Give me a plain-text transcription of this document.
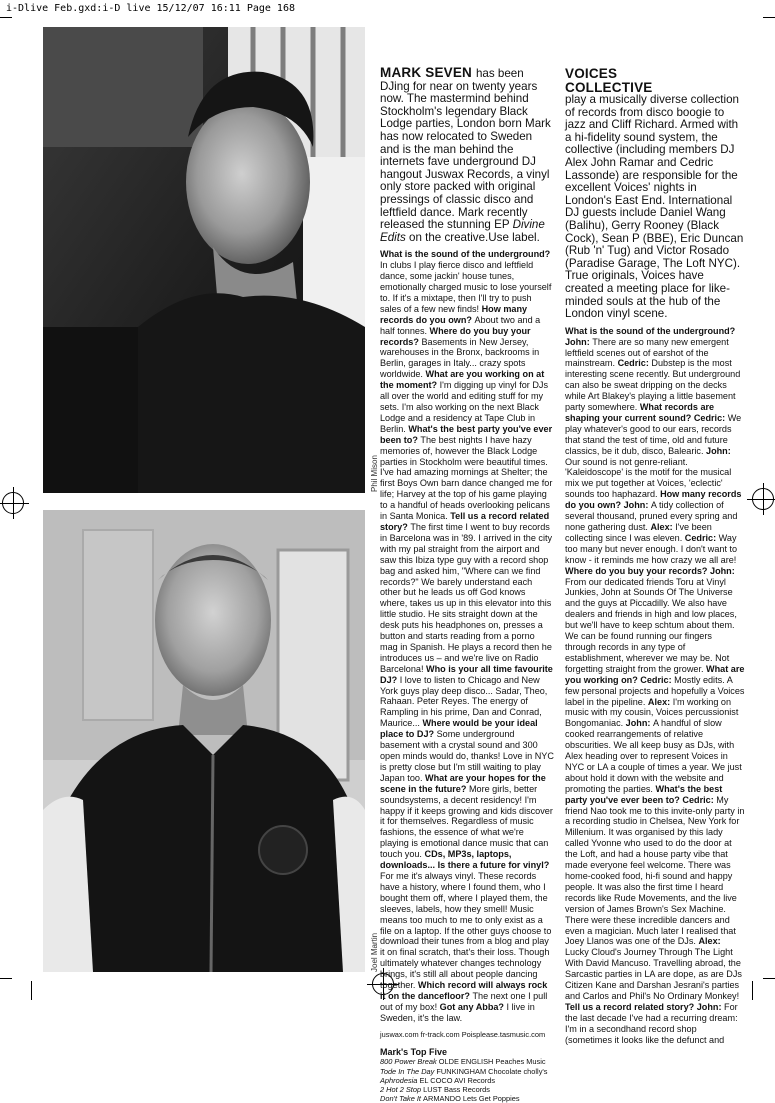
i-Dlive Feb.gxd:i-D live 15/12/07 16:11 Page 168
Phil Mison
Joel Martin
MARK SEVEN has been DJing for near on twenty years now. The mastermind behind Stockholm's legendary Black Lodge parties, London born Mark has now relocated to Sweden and is the man behind the internets fave underground DJ hangout Juswax Records, a vinyl only store packed with original pressings of classic disco and leftfield dance. Mark recently released the stunning EP Divine Edits on the creative.Use label.
What is the sound of the underground? In clubs I play fierce disco and leftfield dance, some jackin' house tunes, emotionally charged music to lose yourself to. If it's a mixtape, then I'll try to push sales of a few new finds! How many records do you own? About two and a half tonnes. Where do you buy your records? Basements in New Jersey, warehouses in the Bronx, backrooms in Berlin, garages in Italy... crazy spots worldwide. What are you working on at the moment? I'm digging up vinyl for DJs all over the world and editing stuff for my sets. I'm also working on the next Black Lodge and a residency at Tape Club in Berlin. What's the best party you've ever been to? The best nights I have hazy memories of, however the Black Lodge parties in Stockholm were beautiful times. I've had amazing mornings at Shelter; the first Boys Own barn dance changed me for life; Harvey at the top of his game playing to a handful of heads overlooking pelicans in Santa Monica. Tell us a record related story? The first time I went to buy records in Barcelona was in '89. I arrived in the city with my pal straight from the airport and saw this Ibiza type guy with a record shop bag and asked him, "Where can we find records?" We barely understand each other but he leads us off God knows where, takes us up in this elevator into this little studio. He sits straight down at the desk puts his headphones on, presses a button and starts reading from a porno mag in Spanish. He plays a record then he introduces us – and we're live on Radio Barcelona! Who is your all time favourite DJ? I love to listen to Chicago and New York guys play deep disco... Sadar, Theo, Rahaan. Peter Reyes. The energy of Rampling in his prime, Dan and Conrad, Maurice... Where would be your ideal place to DJ? Some underground basement with a crystal sound and 300 open minds would do, thanks! Love in NYC is pretty close but I'm still waiting to play Japan too. What are your hopes for the scene in the future? More girls, better soundsystems, a decent residency! I'm happy if it keeps growing and kids discover it for themselves. Regardless of music fashions, the essence of what we're playing is emotional dance music that can touch you. CDs, MP3s, laptops, downloads... Is there a future for vinyl? For me it's always vinyl. These records have a history, where I found them, who I bought them off, where I played them, the sleeves, labels, how they smell! Music means too much to me to only exist as a file on a laptop. If the other guys choose to download their tunes from a blog and play it on final scratch, that's their loss. Though ultimately whatever changes technology brings, it's still all about people dancing together. Which record will always rock it on the dancefloor? The next one I pull out of my box! Got any Abba? I live in Sweden, it's the law.
juswax.com fr-track.com Poisplease.tasmusic.com
Mark's Top Five
800 Power Break OLDE ENGLISH Peaches Music
Tode In The Day FUNKINGHAM Chocolate cholly's
Aphrodesia EL COCO AVI Records
2 Hot 2 Stop LUST Bass Records
Don't Take It ARMANDO Lets Get Poppies
VOICES
COLLECTIVE
play a musically diverse collection of records from disco boogie to jazz and Cliff Richard. Armed with a hi-fidelity sound system, the collective (including members DJ Alex John Ramar and Cedric Lassonde) are responsible for the excellent Voices' nights in London's East End. International DJ guests include Daniel Wang (Balihu), Gerry Rooney (Black Cock), Sean P (BBE), Eric Duncan (Rub 'n' Tug) and Victor Rosado (Paradise Garage, The Loft NYC). True originals, Voices have created a meeting place for like-minded souls at the hub of the London vinyl scene.
What is the sound of the underground? John: There are so many new emergent leftfield scenes out of earshot of the mainstream. Cedric: Dubstep is the most interesting scene recently. But underground can also be sweat dripping on the decks while Art Blakey's playing a little basement party somewhere. What records are shaping your current sound? Cedric: We play whatever's good to our ears, records that stand the test of time, old and future classics, be it dub, disco, Balearic. John: Our sound is not genre-reliant. 'Kaleidoscope' is the motif for the musical mix we put together at Voices, 'eclectic' sounds too haphazard. How many records do you own? John: A tidy collection of several thousand, pruned every spring and none gathering dust. Alex: I've been collecting since I was eleven. Cedric: Way too many but never enough. I don't want to know - it reminds me how crazy we all are! Where do you buy your records? John: From our dedicated friends Toru at Vinyl Junkies, John at Sounds Of The Universe and the guys at Piccadilly. We also have dealers and friends in high and low places, but we'll have to keep schtum about them. We can be found running our fingers through records in any type of establishment, wherever we may be. Not forgetting straight from the grower. What are you working on? Cedric: Mostly edits. A few personal projects and hopefully a Voices label in the pipeline. Alex: I'm working on music with my cousin, Voices percussionist Bongomaniac. John: A handful of slow cooked rearrangements of relative obscurities. We all keep busy as DJs, with Alex heading over to represent Voices in NYC or LA a couple of times a year. We just about hold it down with the website and promoting the parties. What's the best party you've ever been to? Cedric: My friend Nao took me to this invite-only party in a recording studio in Chelsea, New York for Millenium. It was organised by this lady called Yvonne who used to do the door at the Loft, and had a house party vibe that made everyone feel welcome. There was home-cooked food, hi-fi sound and happy people. It was also the first time I heard records like Rude Movements, and the live version of James Brown's Sex Machine. There were these incredible dancers and even a magician. Much later I realised that Joey Llanos was one of the DJs. Alex: Lucky Cloud's Journey Through The Light With David Mancuso. Travelling abroad, the Sarcastic parties in LA are dope, as are DJs Citizen Kane and Darshan Jesrani's parties and Carlos and Phil's No Ordinary Monkey! Tell us a record related story? John: For the last decade I've had a recurring dream: I'm in a secondhand record shop (sometimes it looks like the defunct and
